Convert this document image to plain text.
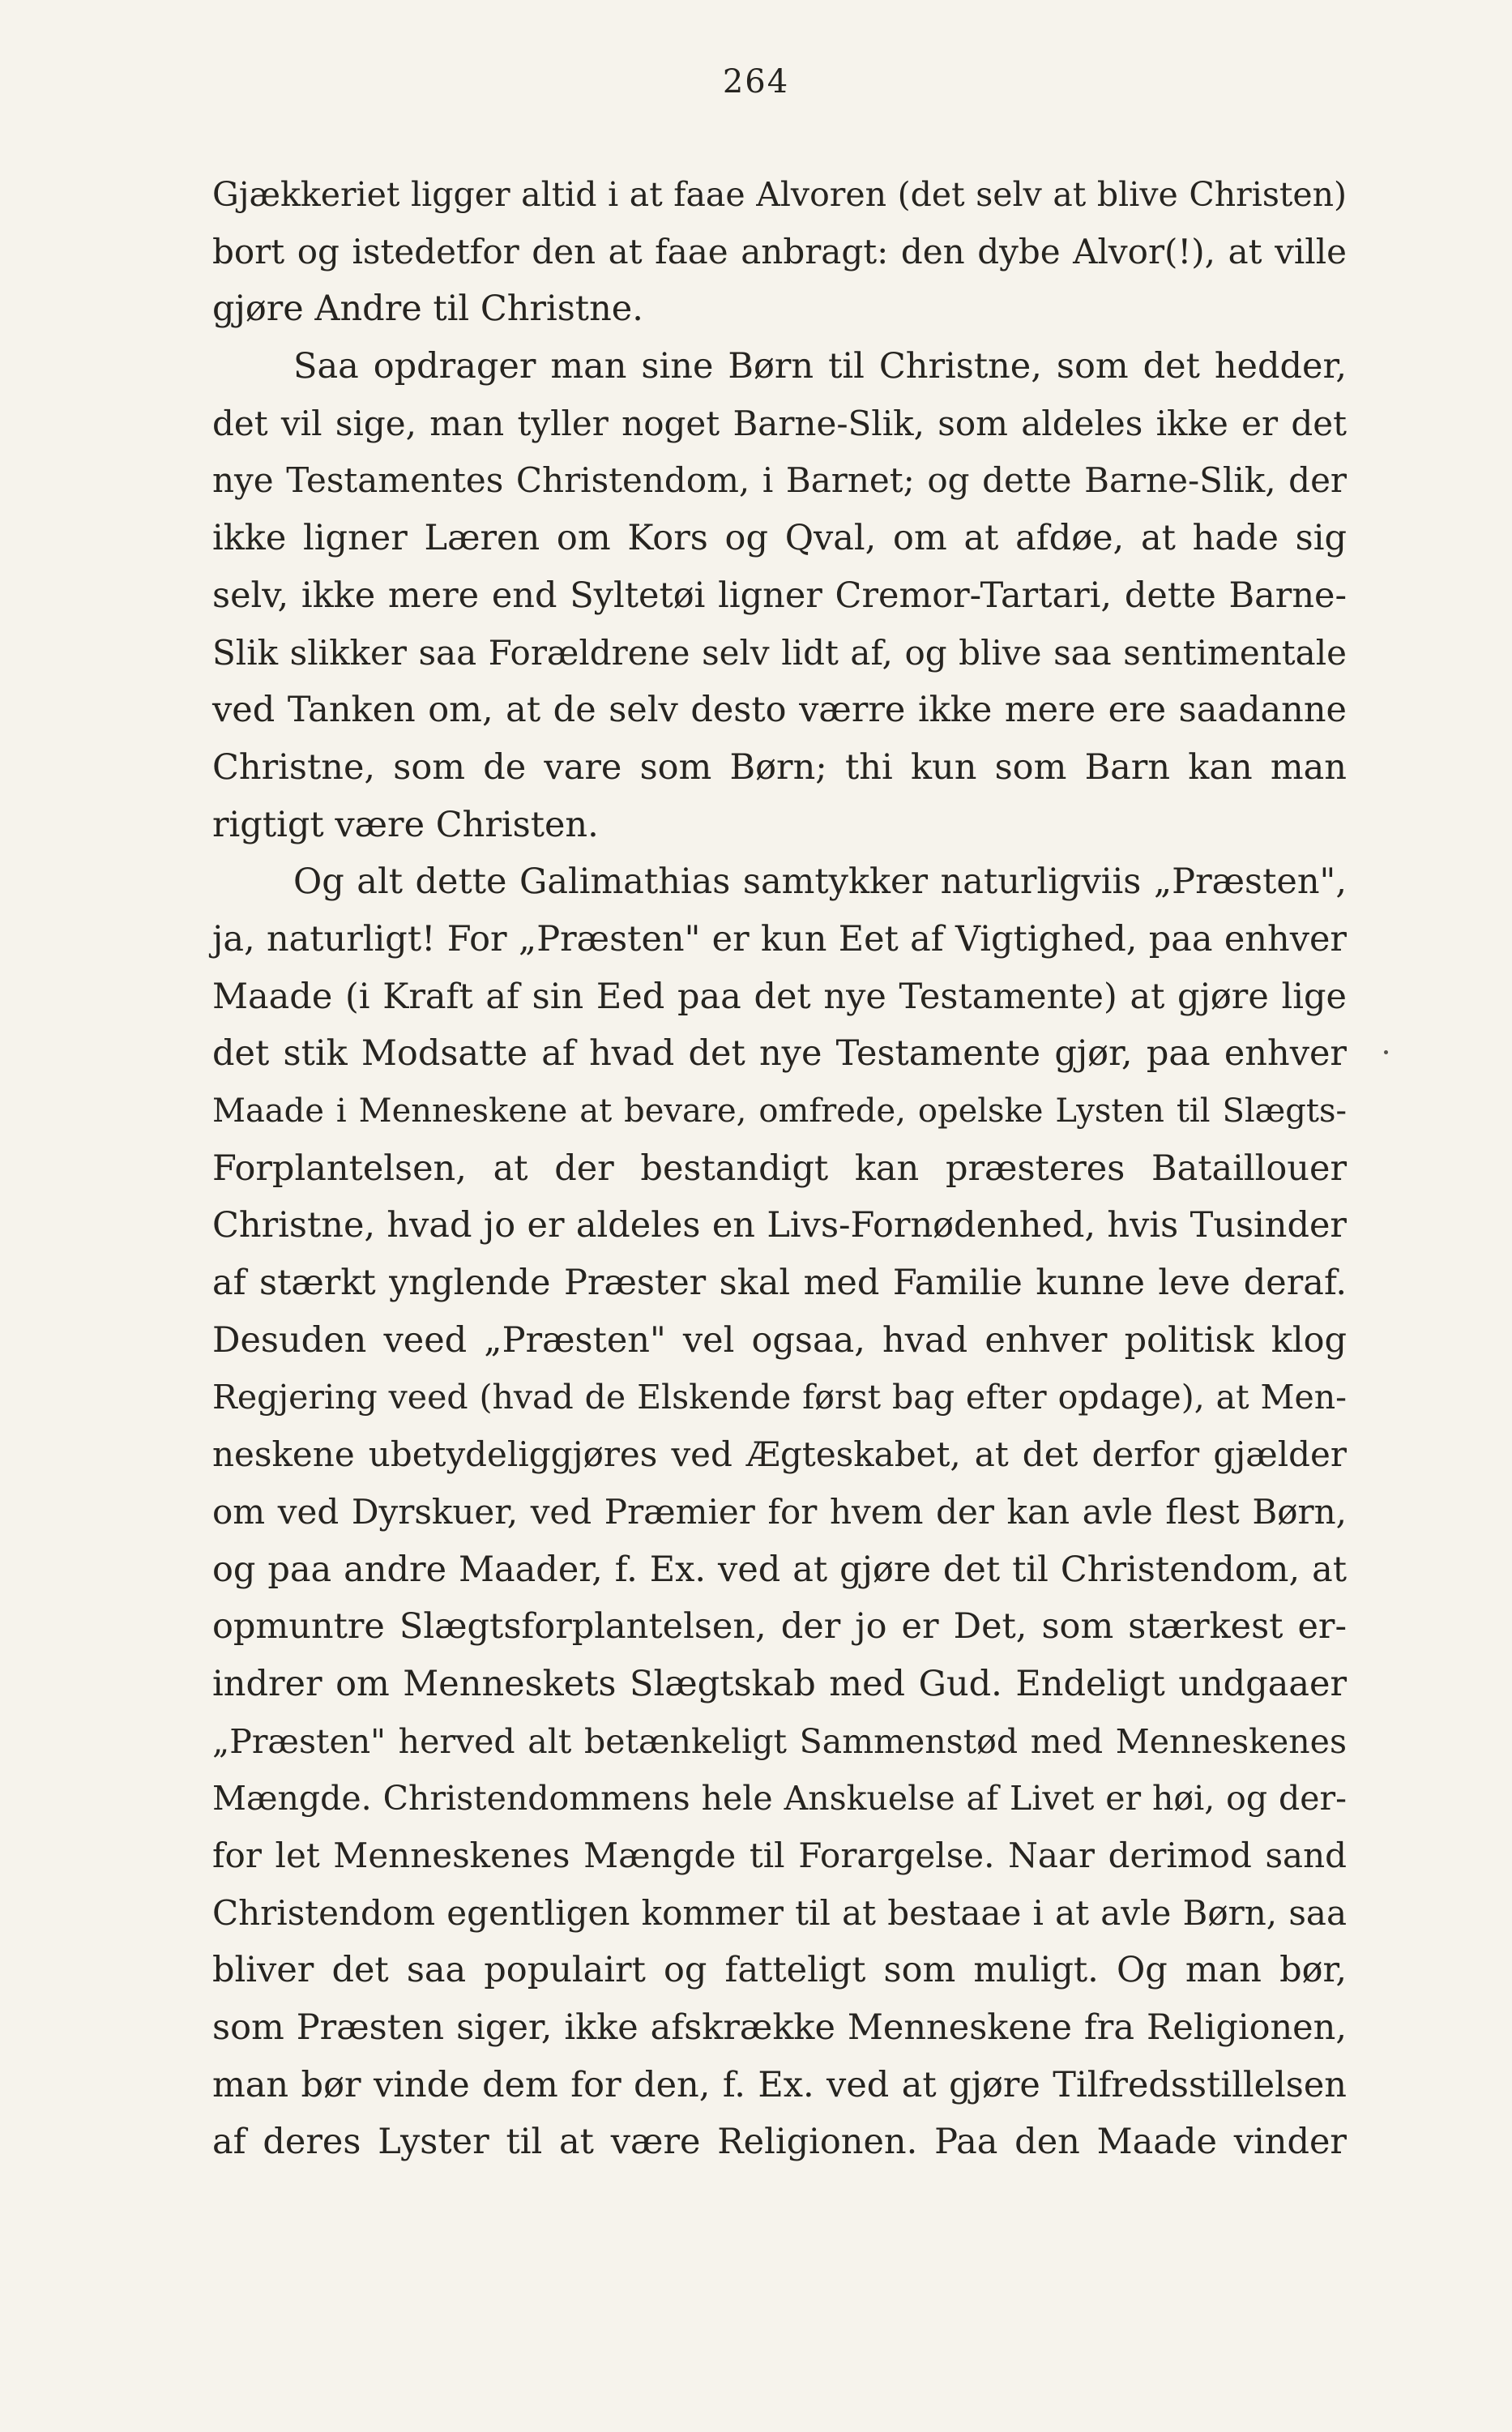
264
Gjækkeriet ligger altid i at faae Alvoren (det selv at blive Christen)
bort og istedetfor den at faae anbragt: den dybe Alvor(!), at ville
gjøre Andre til Christne.
Saa opdrager man sine Børn til Christne, som det hedder,
det vil sige, man tyller noget Barne-Slik, som aldeles ikke er det
nye Testamentes Christendom, i Barnet; og dette Barne-Slik, der
ikke ligner Læren om Kors og Qval, om at afdøe, at hade sig
selv, ikke mere end Syltetøi ligner Cremor-Tartari, dette Barne-
Slik slikker saa Forældrene selv lidt af, og blive saa sentimentale
ved Tanken om, at de selv desto værre ikke mere ere saadanne
Christne, som de vare som Børn; thi kun som Barn kan man
rigtigt være Christen.
Og alt dette Galimathias samtykker naturligviis „Præsten",
ja, naturligt! For „Præsten" er kun Eet af Vigtighed, paa enhver
Maade (i Kraft af sin Eed paa det nye Testamente) at gjøre lige
det stik Modsatte af hvad det nye Testamente gjør, paa enhver
Maade i Menneskene at bevare, omfrede, opelske Lysten til Slægts-
Forplantelsen, at der bestandigt kan præsteres Bataillouer
Christne, hvad jo er aldeles en Livs-Fornødenhed, hvis Tusinder
af stærkt ynglende Præster skal med Familie kunne leve deraf.
Desuden veed „Præsten" vel ogsaa, hvad enhver politisk klog
Regjering veed (hvad de Elskende først bag efter opdage), at Men-
neskene ubetydeliggjøres ved Ægteskabet, at det derfor gjælder
om ved Dyrskuer, ved Præmier for hvem der kan avle flest Børn,
og paa andre Maader, f. Ex. ved at gjøre det til Christendom, at
opmuntre Slægtsforplantelsen, der jo er Det, som stærkest er-
indrer om Menneskets Slægtskab med Gud. Endeligt undgaaer
„Præsten" herved alt betænkeligt Sammenstød med Menneskenes
Mængde. Christendommens hele Anskuelse af Livet er høi, og der-
for let Menneskenes Mængde til Forargelse. Naar derimod sand
Christendom egentligen kommer til at bestaae i at avle Børn, saa
bliver det saa populairt og fatteligt som muligt. Og man bør,
som Præsten siger, ikke afskrække Menneskene fra Religionen,
man bør vinde dem for den, f. Ex. ved at gjøre Tilfredsstillelsen
af deres Lyster til at være Religionen. Paa den Maade vinder
